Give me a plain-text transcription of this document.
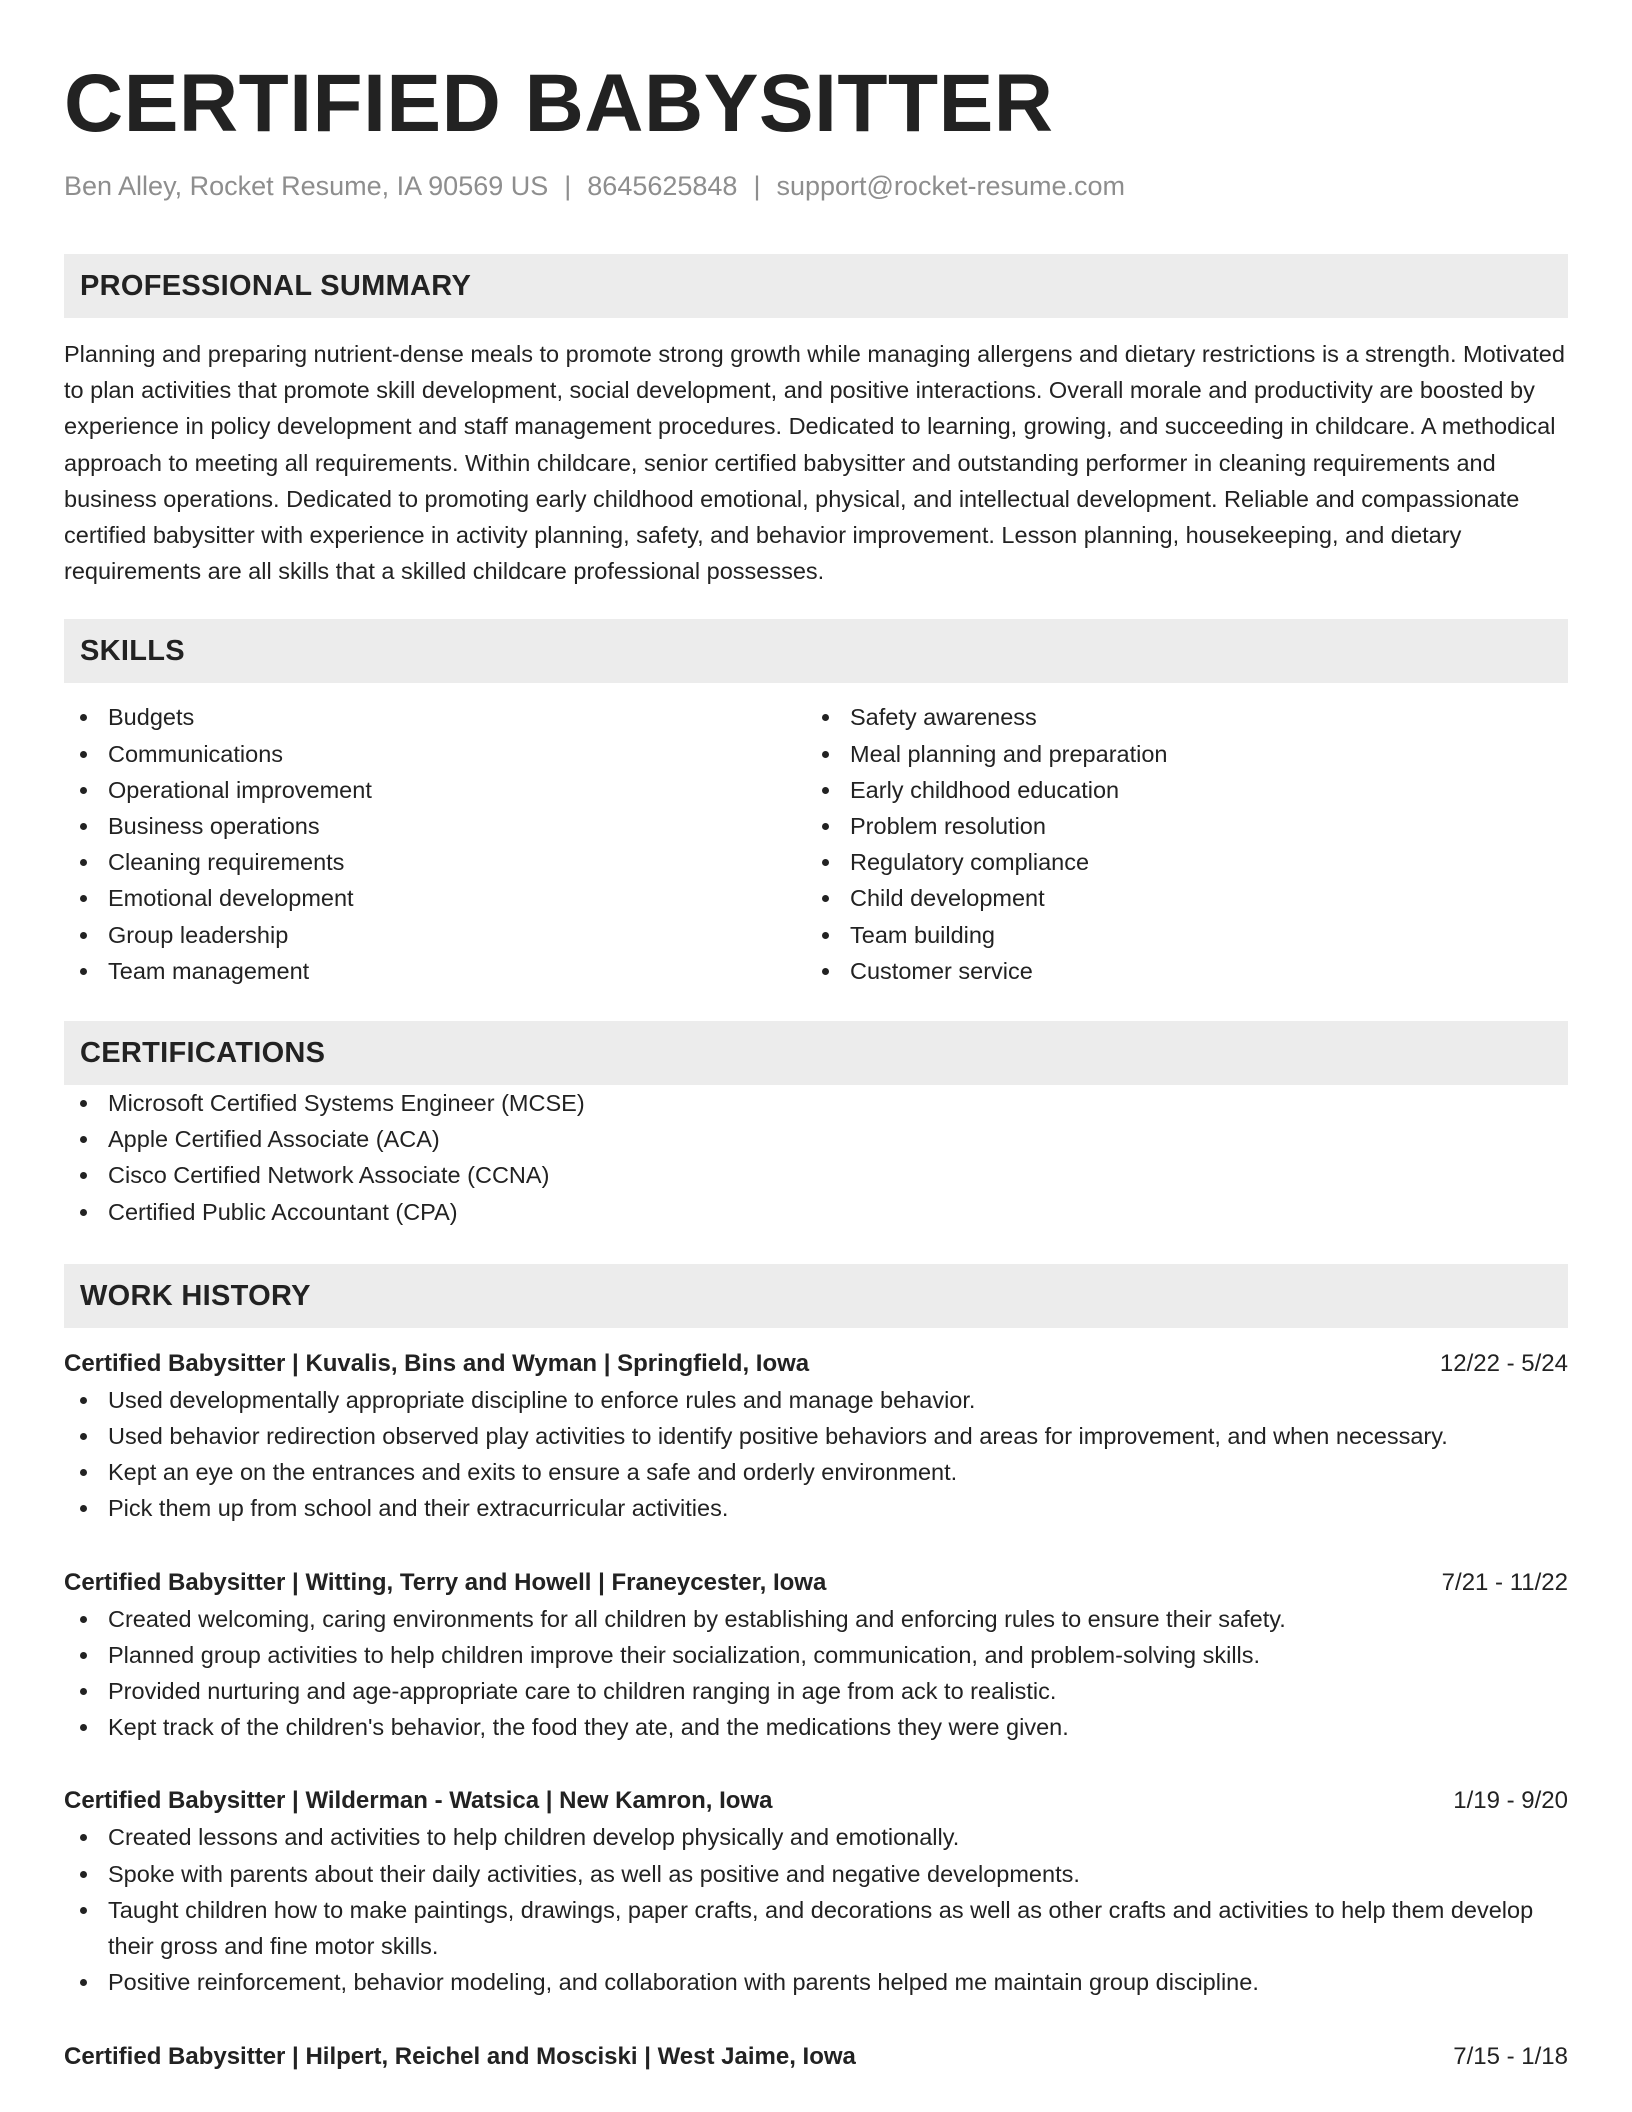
CERTIFIED BABYSITTER
Ben Alley, Rocket Resume, IA 90569 US | 8645625848 | support@rocket-resume.com
PROFESSIONAL SUMMARY
Planning and preparing nutrient-dense meals to promote strong growth while managing allergens and dietary restrictions is a strength. Motivated to plan activities that promote skill development, social development, and positive interactions. Overall morale and productivity are boosted by experience in policy development and staff management procedures. Dedicated to learning, growing, and succeeding in childcare. A methodical approach to meeting all requirements. Within childcare, senior certified babysitter and outstanding performer in cleaning requirements and business operations. Dedicated to promoting early childhood emotional, physical, and intellectual development. Reliable and compassionate certified babysitter with experience in activity planning, safety, and behavior improvement. Lesson planning, housekeeping, and dietary requirements are all skills that a skilled childcare professional possesses.
SKILLS
Budgets
Communications
Operational improvement
Business operations
Cleaning requirements
Emotional development
Group leadership
Team management
Safety awareness
Meal planning and preparation
Early childhood education
Problem resolution
Regulatory compliance
Child development
Team building
Customer service
CERTIFICATIONS
Microsoft Certified Systems Engineer (MCSE)
Apple Certified Associate (ACA)
Cisco Certified Network Associate (CCNA)
Certified Public Accountant (CPA)
WORK HISTORY
Certified Babysitter | Kuvalis, Bins and Wyman | Springfield, Iowa	12/22 - 5/24
Used developmentally appropriate discipline to enforce rules and manage behavior.
Used behavior redirection observed play activities to identify positive behaviors and areas for improvement, and when necessary.
Kept an eye on the entrances and exits to ensure a safe and orderly environment.
Pick them up from school and their extracurricular activities.
Certified Babysitter | Witting, Terry and Howell | Franeycester, Iowa	7/21 - 11/22
Created welcoming, caring environments for all children by establishing and enforcing rules to ensure their safety.
Planned group activities to help children improve their socialization, communication, and problem-solving skills.
Provided nurturing and age-appropriate care to children ranging in age from ack to realistic.
Kept track of the children's behavior, the food they ate, and the medications they were given.
Certified Babysitter | Wilderman - Watsica | New Kamron, Iowa	1/19 - 9/20
Created lessons and activities to help children develop physically and emotionally.
Spoke with parents about their daily activities, as well as positive and negative developments.
Taught children how to make paintings, drawings, paper crafts, and decorations as well as other crafts and activities to help them develop their gross and fine motor skills.
Positive reinforcement, behavior modeling, and collaboration with parents helped me maintain group discipline.
Certified Babysitter | Hilpert, Reichel and Mosciski | West Jaime, Iowa	7/15 - 1/18
